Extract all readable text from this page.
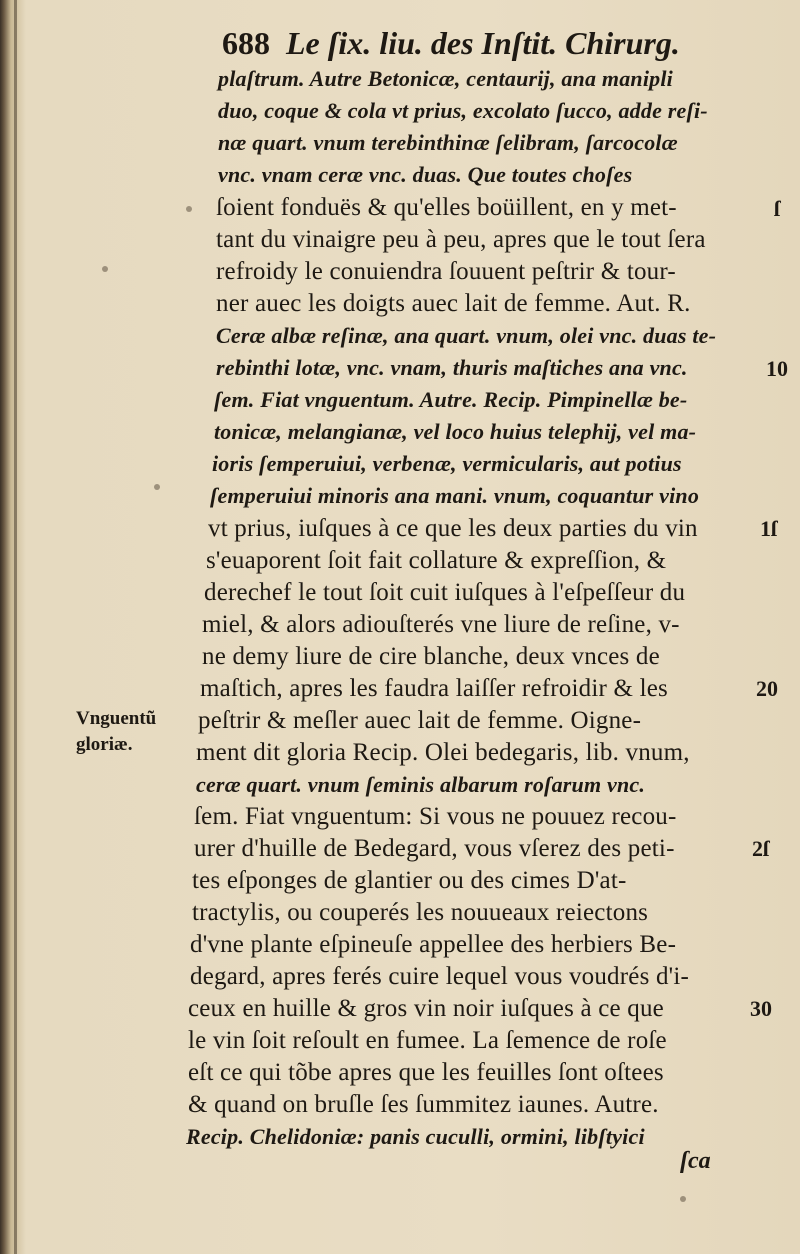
688 Le ſix. liu. des Inſtit. Chirurg.
plaſtrum. Autre Betonicæ, centaurij, ana manipli
duo, coque & cola vt prius, excolato ſucco, adde reſi-
næ quart. vnum terebinthinæ ſelibram, ſarcocolæ
vnc. vnam ceræ vnc. duas. Que toutes choſes
ſoient fonduës & qu'elles boüillent, en y met-
tant du vinaigre peu à peu, apres que le tout ſera
refroidy le conuiendra ſouuent peſtrir & tour-
ner auec les doigts auec lait de femme. Aut. R.
Ceræ albæ reſinæ, ana quart. vnum, olei vnc. duas te-
rebinthi lotæ, vnc. vnam, thuris maſtiches ana vnc.
ſem. Fiat vnguentum. Autre. Recip. Pimpinellæ be-
tonicæ, melangianæ, vel loco huius telephij, vel ma-
ioris ſemperuiui, verbenæ, vermicularis, aut potius
ſemperuiui minoris ana mani. vnum, coquantur vino
vt prius, iuſques à ce que les deux parties du vin
s'euaporent ſoit fait collature & expreſſion, &
derechef le tout ſoit cuit iuſques à l'eſpeſſeur du
miel, & alors adiouſterés vne liure de reſine, v-
ne demy liure de cire blanche, deux vnces de
maſtich, apres les faudra laiſſer refroidir & les
peſtrir & meſler auec lait de femme. Oigne-
ment dit gloria Recip. Olei bedegaris, lib. vnum,
ceræ quart. vnum ſeminis albarum roſarum vnc.
ſem. Fiat vnguentum: Si vous ne pouuez recou-
urer d'huille de Bedegard, vous vſerez des peti-
tes eſponges de glantier ou des cimes D'at-
tractylis, ou couperés les nouueaux reiectons
d'vne plante eſpineuſe appellee des herbiers Be-
degard, apres ferés cuire lequel vous voudrés d'i-
ceux en huille & gros vin noir iuſques à ce que
le vin ſoit reſoult en fumee. La ſemence de roſe
eſt ce qui tõbe apres que les feuilles ſont oſtees
& quand on bruſle ſes ſummitez iaunes. Autre.
Recip. Chelidoniæ: panis cuculli, ormini, libſtyici
ſ
10
1ſ
20
2ſ
30
Vnguentũ gloriæ.
ſca
